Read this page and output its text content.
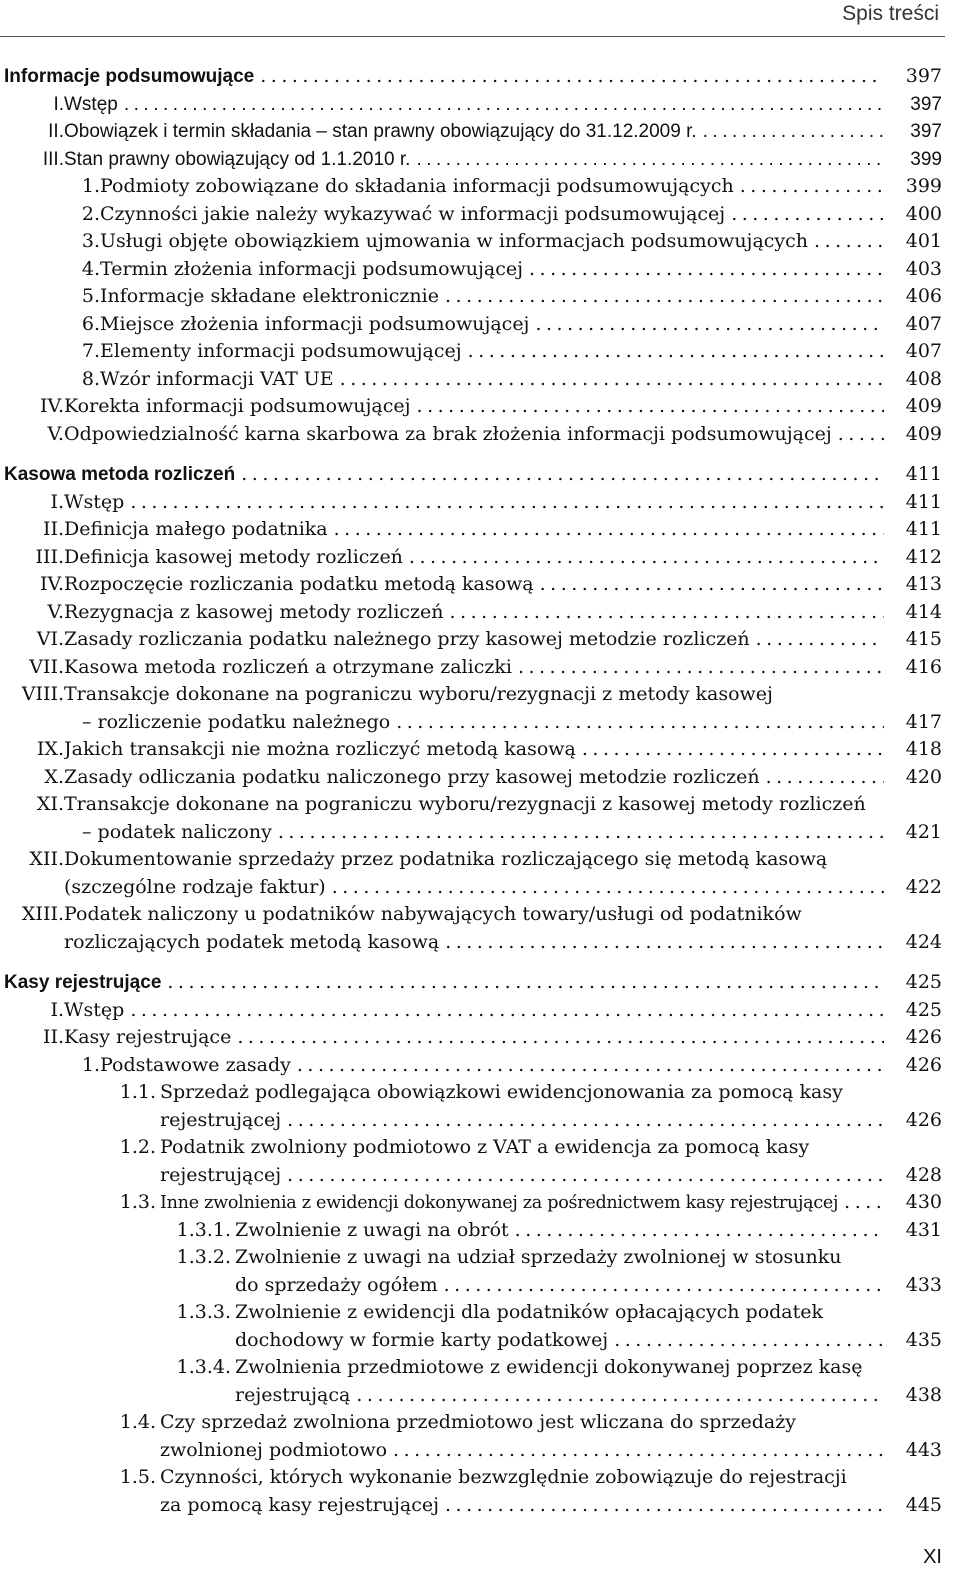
Spis treści
Informacje podsumowujące .....	397
I. Wstęp .....	397
II. Obowiązek i termin składania – stan prawny obowiązujący do 31.12.2009 r. .....	397
III. Stan prawny obowiązujący od 1.1.2010 r. .....	399
1. Podmioty zobowiązane do składania informacji podsumowujących .....	399
2. Czynności jakie należy wykazywać w informacji podsumowującej .....	400
3. Usługi objęte obowiązkiem ujmowania w informacjach podsumowujących .....	401
4. Termin złożenia informacji podsumowującej .....	403
5. Informacje składane elektronicznie .....	406
6. Miejsce złożenia informacji podsumowującej .....	407
7. Elementy informacji podsumowującej .....	407
8. Wzór informacji VAT UE .....	408
IV. Korekta informacji podsumowującej .....	409
V. Odpowiedzialność karna skarbowa za brak złożenia informacji podsumowującej .....	409
Kasowa metoda rozliczeń .....	411
I. Wstęp .....	411
II. Definicja małego podatnika .....	411
III. Definicja kasowej metody rozliczeń .....	412
IV. Rozpoczęcie rozliczania podatku metodą kasową .....	413
V. Rezygnacja z kasowej metody rozliczeń .....	414
VI. Zasady rozliczania podatku należnego przy kasowej metodzie rozliczeń .....	415
VII. Kasowa metoda rozliczeń a otrzymane zaliczki .....	416
VIII. Transakcje dokonane na pograniczu wyboru/rezygnacji z metody kasowej
– rozliczenie podatku należnego .....	417
IX. Jakich transakcji nie można rozliczyć metodą kasową .....	418
X. Zasady odliczania podatku naliczonego przy kasowej metodzie rozliczeń .....	420
XI. Transakcje dokonane na pograniczu wyboru/rezygnacji z kasowej metody rozliczeń
– podatek naliczony .....	421
XII. Dokumentowanie sprzedaży przez podatnika rozliczającego się metodą kasową
(szczególne rodzaje faktur) .....	422
XIII. Podatek naliczony u podatników nabywających towary/usługi od podatników
rozliczających podatek metodą kasową .....	424
Kasy rejestrujące .....	425
I. Wstęp .....	425
II. Kasy rejestrujące .....	426
1. Podstawowe zasady .....	426
1.1. Sprzedaż podlegająca obowiązkowi ewidencjonowania za pomocą kasy
rejestrującej .....	426
1.2. Podatnik zwolniony podmiotowo z VAT a ewidencja za pomocą kasy
rejestrującej .....	428
1.3. Inne zwolnienia z ewidencji dokonywanej za pośrednictwem kasy rejestrującej .....	430
1.3.1. Zwolnienie z uwagi na obrót .....	431
1.3.2. Zwolnienie z uwagi na udział sprzedaży zwolnionej w stosunku
do sprzedaży ogółem .....	433
1.3.3. Zwolnienie z ewidencji dla podatników opłacających podatek
dochodowy w formie karty podatkowej .....	435
1.3.4. Zwolnienia przedmiotowe z ewidencji dokonywanej poprzez kasę
rejestrującą .....	438
1.4. Czy sprzedaż zwolniona przedmiotowo jest wliczana do sprzedaży
zwolnionej podmiotowo .....	443
1.5. Czynności, których wykonanie bezwzględnie zobowiązuje do rejestracji
za pomocą kasy rejestrującej .....	445
XI
